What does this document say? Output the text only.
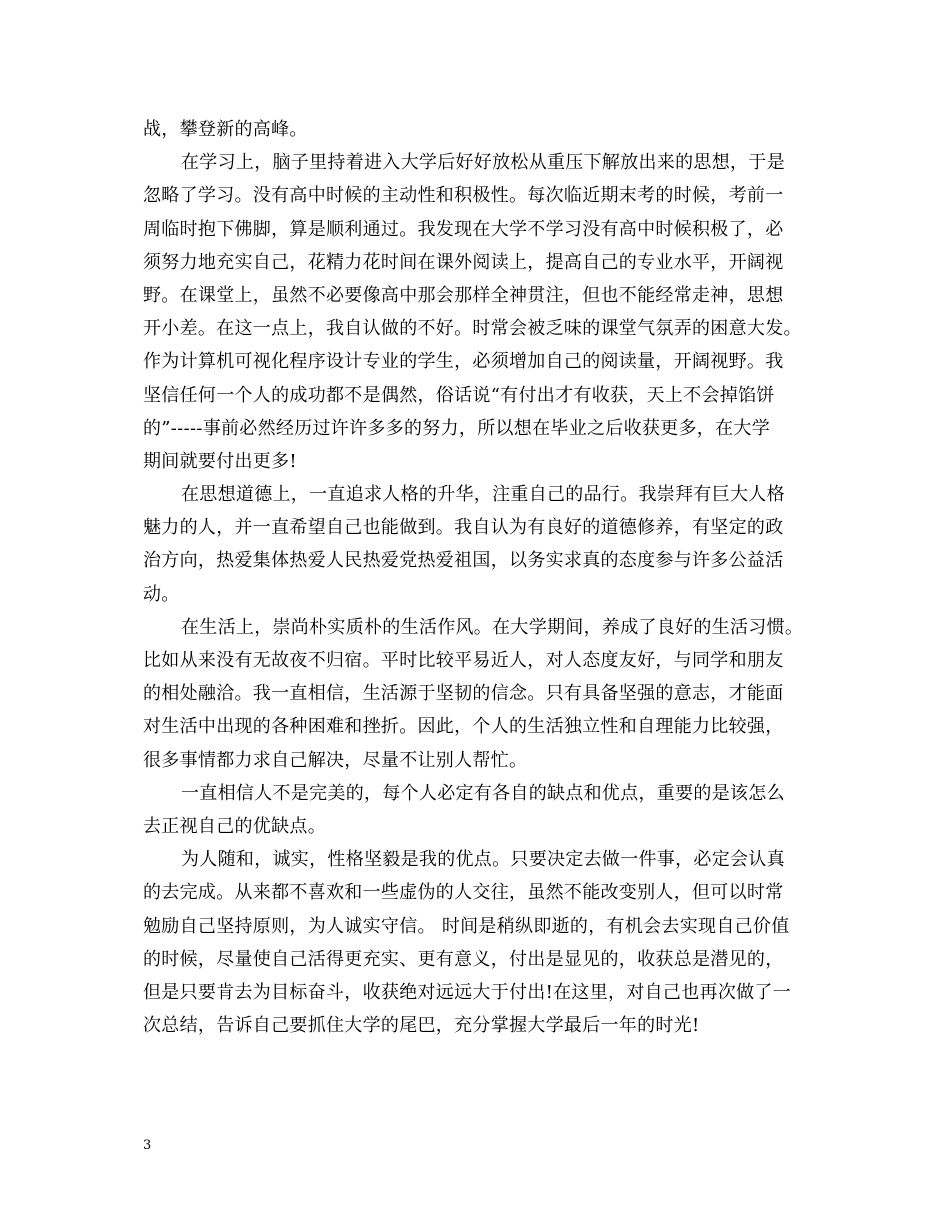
战，攀登新的高峰。
在学习上，脑子里持着进入大学后好好放松从重压下解放出来的思想，于是
忽略了学习。没有高中时候的主动性和积极性。每次临近期末考的时候，考前一
周临时抱下佛脚，算是顺利通过。我发现在大学不学习没有高中时候积极了，必
须努力地充实自己，花精力花时间在课外阅读上，提高自己的专业水平，开阔视
野。在课堂上，虽然不必要像高中那会那样全神贯注，但也不能经常走神，思想
开小差。在这一点上，我自认做的不好。时常会被乏味的课堂气氛弄的困意大发。
作为计算机可视化程序设计专业的学生，必须增加自己的阅读量，开阔视野。我
坚信任何一个人的成功都不是偶然，俗话说“有付出才有收获，天上不会掉馅饼
的”-----事前必然经历过许许多多的努力，所以想在毕业之后收获更多，在大学
期间就要付出更多!
在思想道德上，一直追求人格的升华，注重自己的品行。我崇拜有巨大人格
魅力的人，并一直希望自己也能做到。我自认为有良好的道德修养，有坚定的政
治方向，热爱集体热爱人民热爱党热爱祖国，以务实求真的态度参与许多公益活
动。
在生活上，崇尚朴实质朴的生活作风。在大学期间，养成了良好的生活习惯。
比如从来没有无故夜不归宿。平时比较平易近人，对人态度友好，与同学和朋友
的相处融洽。我一直相信，生活源于坚韧的信念。只有具备坚强的意志，才能面
对生活中出现的各种困难和挫折。因此，个人的生活独立性和自理能力比较强，
很多事情都力求自己解决，尽量不让别人帮忙。
一直相信人不是完美的，每个人必定有各自的缺点和优点，重要的是该怎么
去正视自己的优缺点。
为人随和，诚实，性格坚毅是我的优点。只要决定去做一件事，必定会认真
的去完成。从来都不喜欢和一些虚伪的人交往，虽然不能改变别人，但可以时常
勉励自己坚持原则，为人诚实守信。 时间是稍纵即逝的，有机会去实现自己价值
的时候，尽量使自己活得更充实、更有意义，付出是显见的，收获总是潜见的，
但是只要肯去为目标奋斗，收获绝对远远大于付出!在这里，对自己也再次做了一
次总结，告诉自己要抓住大学的尾巴，充分掌握大学最后一年的时光!
3
